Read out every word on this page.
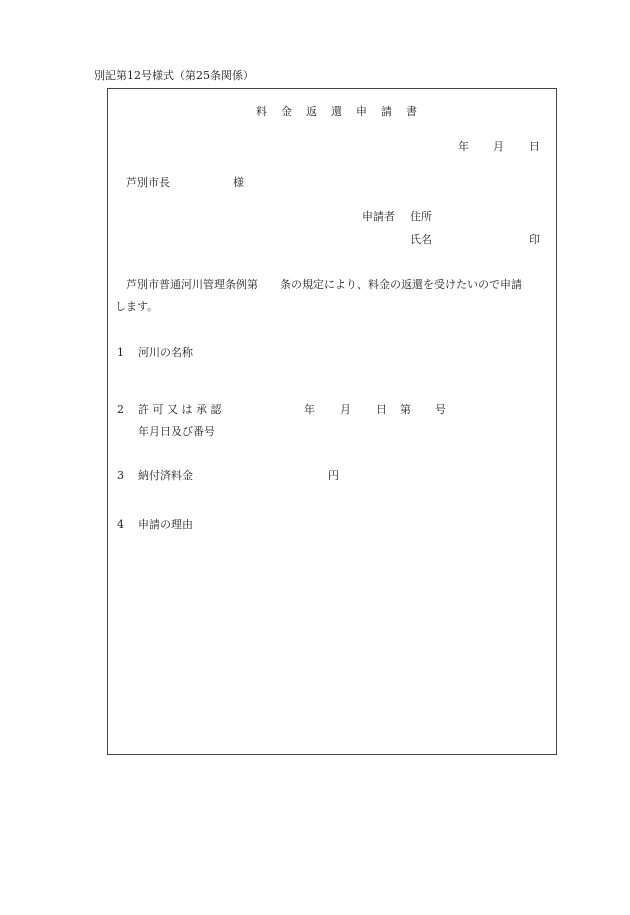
別記第12号様式（第25条関係）
料 金 返 還 申 請 書
年 月 日
芦別市長	様
申請者 住所
氏名	印
芦別市普通河川管理条例第　　条の規定により、料金の返還を受けたいので申請
します。
1 河川の名称
2 許 可 又 は 承 認
年月日及び番号
年 月 日 第 号
3 納付済料金	円
4 申請の理由
